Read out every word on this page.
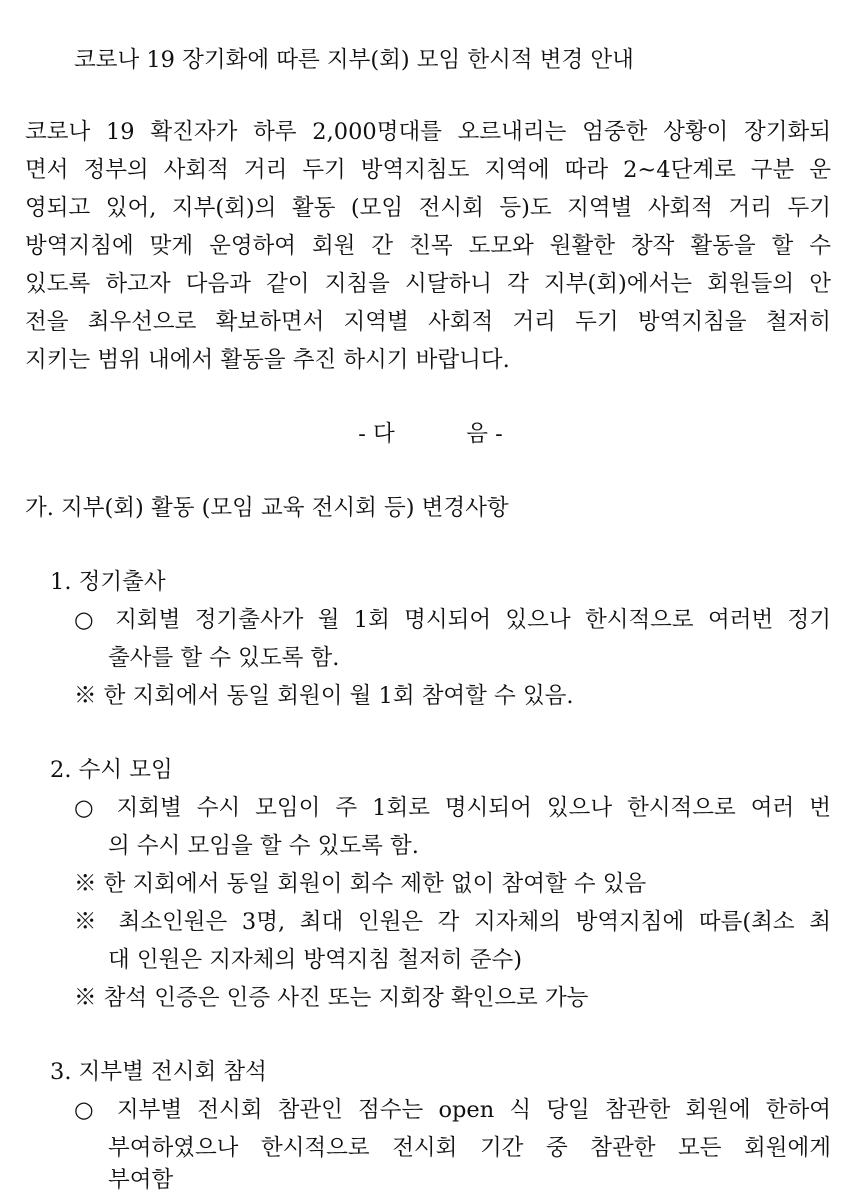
코로나 19 장기화에 따른 지부(회) 모임 한시적 변경 안내
코로나 19 확진자가 하루 2,000명대를 오르내리는 엄중한 상황이 장기화되
면서 정부의 사회적 거리 두기 방역지침도 지역에 따라 2~4단계로 구분 운
영되고 있어, 지부(회)의 활동 (모임 전시회 등)도 지역별 사회적 거리 두기
방역지침에 맞게 운영하여 회원 간 친목 도모와 원활한 창작 활동을 할 수
있도록 하고자 다음과 같이 지침을 시달하니 각 지부(회)에서는 회원들의 안
전을 최우선으로 확보하면서 지역별 사회적 거리 두기 방역지침을 철저히
지키는 범위 내에서 활동을 추진 하시기 바랍니다.
- 다          음 -
가. 지부(회) 활동 (모임 교육 전시회 등) 변경사항
1. 정기출사
○ 지회별 정기출사가 월 1회 명시되어 있으나 한시적으로 여러번 정기
출사를 할 수 있도록 함.
※ 한 지회에서 동일 회원이 월 1회 참여할 수 있음.
2. 수시 모임
○ 지회별 수시 모임이 주 1회로 명시되어 있으나 한시적으로 여러 번
의 수시 모임을 할 수 있도록 함.
※ 한 지회에서 동일 회원이 회수 제한 없이 참여할 수 있음
※ 최소인원은 3명, 최대 인원은 각 지자체의 방역지침에 따름(최소 최
대 인원은 지자체의 방역지침 철저히 준수)
※ 참석 인증은 인증 사진 또는 지회장 확인으로 가능
3. 지부별 전시회 참석
○ 지부별 전시회 참관인 점수는 open 식 당일 참관한 회원에 한하여
부여하였으나 한시적으로 전시회 기간 중 참관한 모든 회원에게
부여함
